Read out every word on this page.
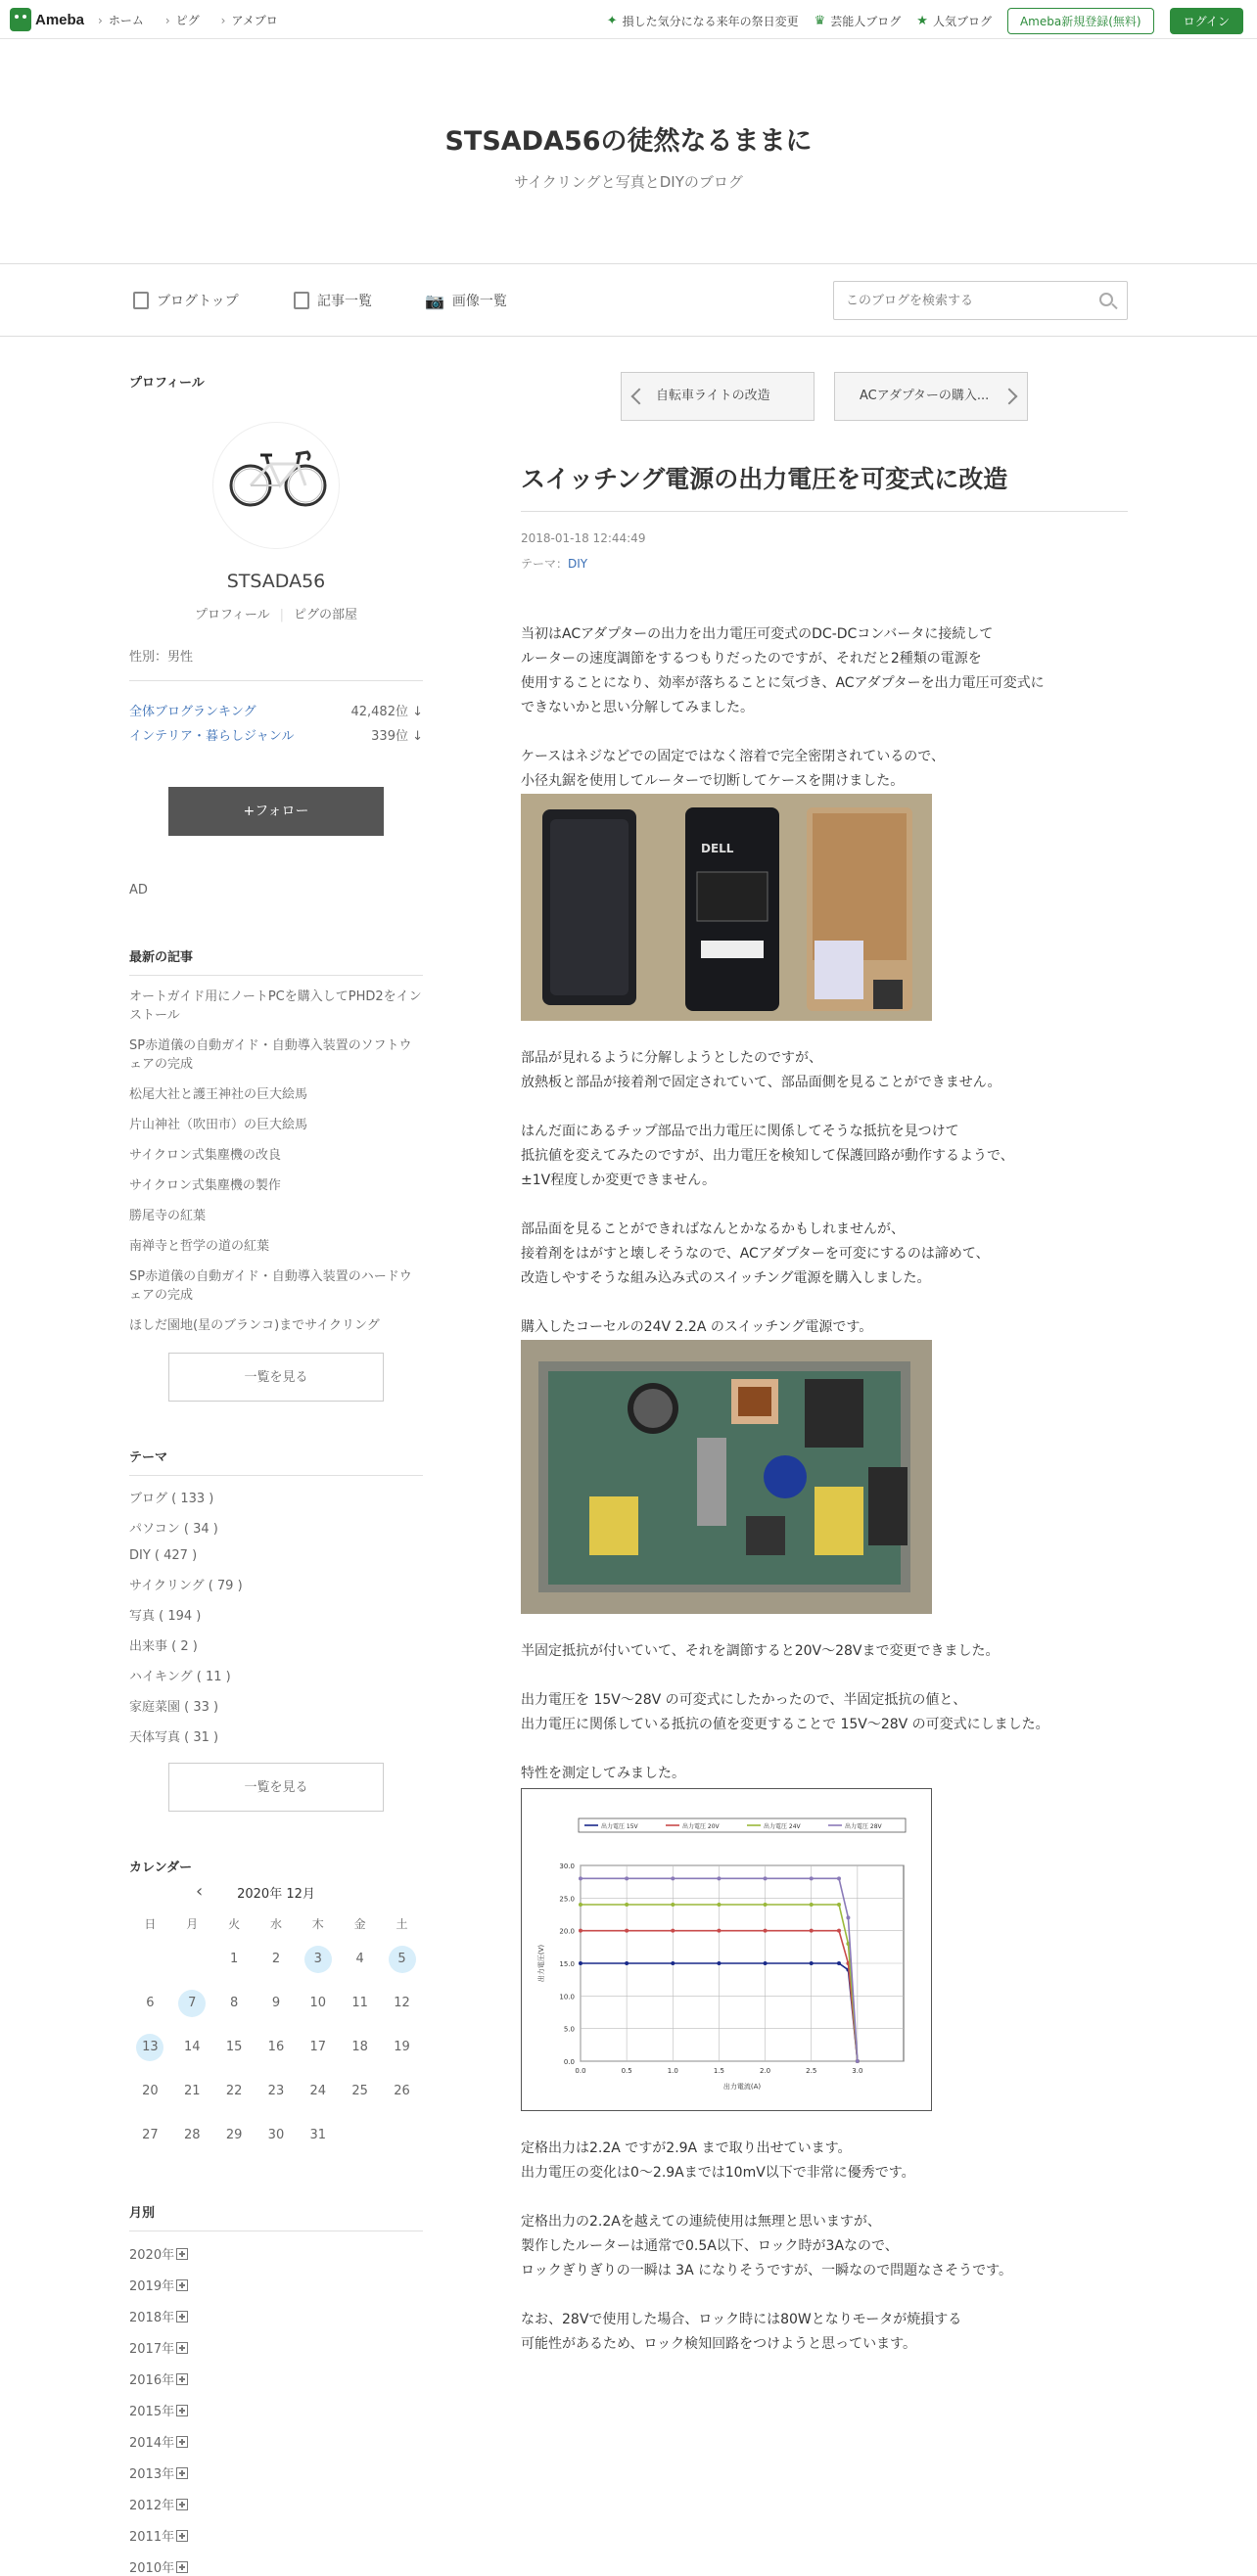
Ameba	› ホーム	› ピグ	› アメブロ	✦ 損した気分になる来年の祭日変更 ♛ 芸能人ブログ ★ 人気ブログ	Ameba新規登録(無料)	ログイン
STSADA56の徒然なるままに

サイクリングと写真とDIYのブログ

ブログトップ	記事一覧	📷 画像一覧
このブログを検索する
プロフィール
STSADA56
プロフィール | ピグの部屋
性別：男性
全体ブログランキング	42,482位 ↓
インテリア・暮らしジャンル	339位 ↓
+フォロー
AD
最新の記事
オートガイド用にノートPCを購入してPHD2をインストール
SP赤道儀の自動ガイド・自動導入装置のソフトウェアの完成
松尾大社と護王神社の巨大絵馬
片山神社（吹田市）の巨大絵馬
サイクロン式集塵機の改良
サイクロン式集塵機の製作
勝尾寺の紅葉
南禅寺と哲学の道の紅葉
SP赤道儀の自動ガイド・自動導入装置のハードウェアの完成
ほしだ園地(星のブランコ)までサイクリング
一覧を見る
テーマ
ブログ ( 133 )
パソコン ( 34 )
DIY ( 427 )
サイクリング ( 79 )
写真 ( 194 )
出来事 ( 2 )
ハイキング ( 11 )
家庭菜園 ( 33 )
天体写真 ( 31 )
一覧を見る
カレンダー
‹	2020年 12月
日	月	火	水	木	金	土
		1	2	3	4	5
6	7	8	9	10	11	12
13	14	15	16	17	18	19
20	21	22	23	24	25	26
27	28	29	30	31		
月別
2020年
2019年
2018年
2017年
2016年
2015年
2014年
2013年
2012年
2011年
2010年
自転車ライトの改造	ACアダプターの購入...
スイッチング電源の出力電圧を可変式に改造
2018-01-18 12:44:49
テーマ：DIY

当初はACアダプターの出力を出力電圧可変式のDC-DCコンバータに接続して
ルーターの速度調節をするつもりだったのですが、それだと2種類の電源を
使用することになり、効率が落ちることに気づき、ACアダプターを出力電圧可変式に
できないかと思い分解してみました。

ケースはネジなどでの固定ではなく溶着で完全密閉されているので、
小径丸鋸を使用してルーターで切断してケースを開けました。

DELL

部品が見れるように分解しようとしたのですが、
放熱板と部品が接着剤で固定されていて、部品面側を見ることができません。

はんだ面にあるチップ部品で出力電圧に関係してそうな抵抗を見つけて
抵抗値を変えてみたのですが、出力電圧を検知して保護回路が動作するようで、
±1V程度しか変更できません。

部品面を見ることができればなんとかなるかもしれませんが、
接着剤をはがすと壊しそうなので、ACアダプターを可変にするのは諦めて、
改造しやすそうな組み込み式のスイッチング電源を購入しました。

購入したコーセルの24V 2.2A のスイッチング電源です。

半固定抵抗が付いていて、それを調節すると20V～28Vまで変更できました。

出力電圧を 15V～28V の可変式にしたかったので、半固定抵抗の値と、
出力電圧に関係している抵抗の値を変更することで 15V～28V の可変式にしました。

特性を測定してみました。

0.0
5.0
10.0
15.0
20.0
25.0
30.0
0.0	0.5	1.0	1.5	2.0	2.5	3.0
出力電流(A)
出力電圧(V)
出力電圧 15V	出力電圧 20V	出力電圧 24V	出力電圧 28V

定格出力は2.2A ですが2.9A まで取り出せています。
出力電圧の変化は0～2.9Aまでは10mV以下で非常に優秀です。

定格出力の2.2Aを越えての連続使用は無理と思いますが、
製作したルーターは通常で0.5A以下、ロック時が3Aなので、
ロックぎりぎりの一瞬は 3A になりそうですが、一瞬なので問題なさそうです。

なお、28Vで使用した場合、ロック時には80Wとなりモータが焼損する
可能性があるため、ロック検知回路をつけようと思っています。
